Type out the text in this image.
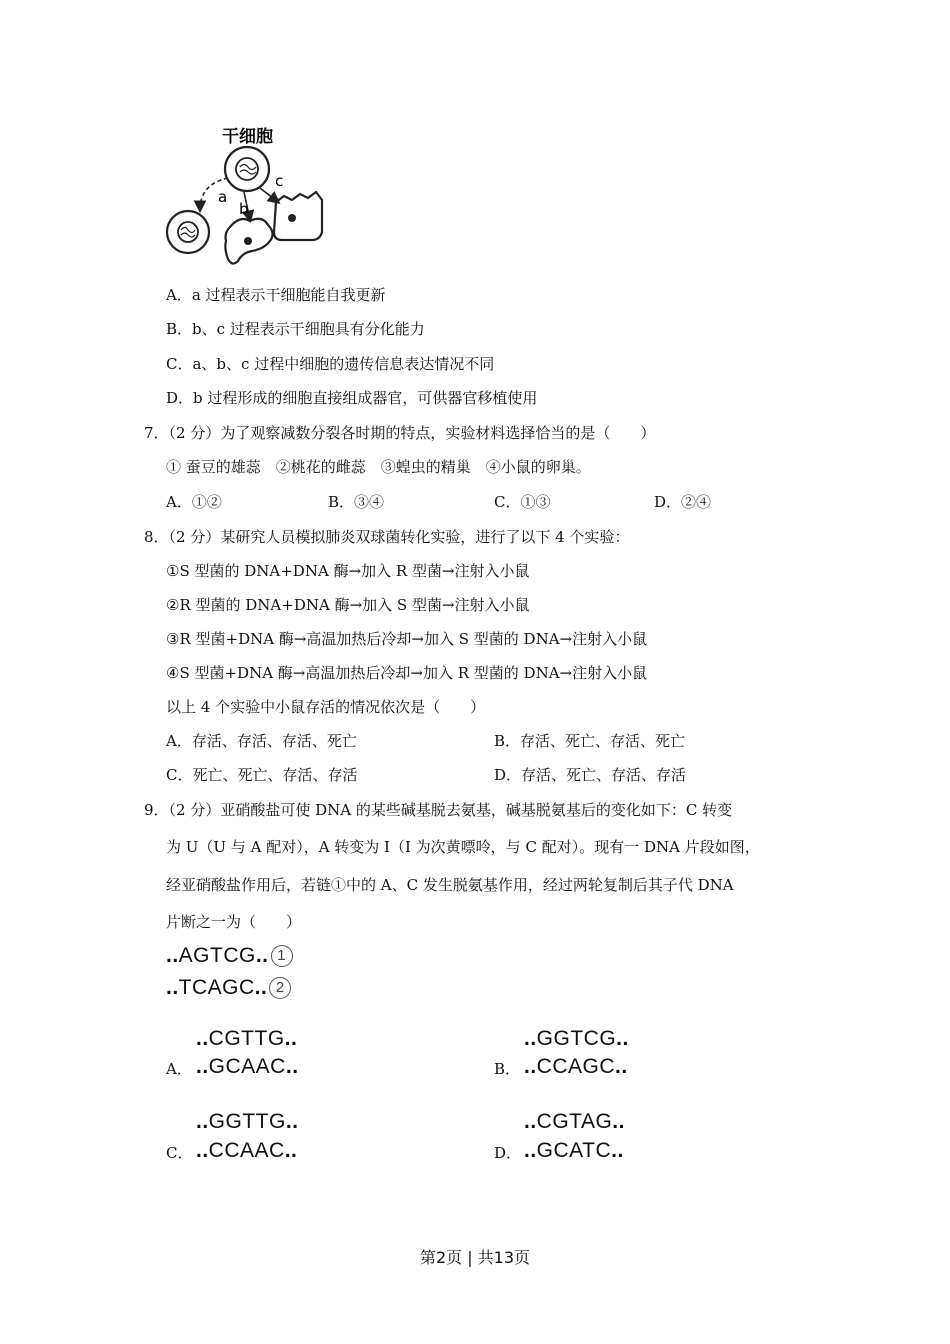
干细胞
a
b
c
A．a 过程表示干细胞能自我更新
B．b、c 过程表示干细胞具有分化能力
C．a、b、c 过程中细胞的遗传信息表达情况不同
D．b 过程形成的细胞直接组成器官，可供器官移植使用
7．（2 分）为了观察减数分裂各时期的特点，实验材料选择恰当的是（　　）
① 蚕豆的雄蕊　②桃花的雌蕊　③蝗虫的精巢　④小鼠的卵巢。
A．①②	B．③④	C．①③	D．②④
8．（2 分）某研究人员模拟肺炎双球菌转化实验，进行了以下 4 个实验：
①S 型菌的 DNA+DNA 酶→加入 R 型菌→注射入小鼠
②R 型菌的 DNA+DNA 酶→加入 S 型菌→注射入小鼠
③R 型菌+DNA 酶→高温加热后冷却→加入 S 型菌的 DNA→注射入小鼠
④S 型菌+DNA 酶→高温加热后冷却→加入 R 型菌的 DNA→注射入小鼠
以上 4 个实验中小鼠存活的情况依次是（　　）
A．存活、存活、存活、死亡	B．存活、死亡、存活、死亡
C．死亡、死亡、存活、存活	D．存活、死亡、存活、存活
9．（2 分）亚硝酸盐可使 DNA 的某些碱基脱去氨基，碱基脱氨基后的变化如下：C 转变
为 U（U 与 A 配对），A 转变为 I（I 为次黄嘌呤，与 C 配对）。现有一 DNA 片段如图，
经亚硝酸盐作用后，若链①中的 A、C 发生脱氨基作用，经过两轮复制后其子代 DNA
片断之一为（　　）
..AGTCG.. 1
..TCAGC.. 2
..CGTTG..
A． ..GCAAC..
..GGTCG..
B． ..CCAGC..
..GGTTG..
C． ..CCAAC..
..CGTAG..
D． ..GCATC..
第2页 | 共13页
